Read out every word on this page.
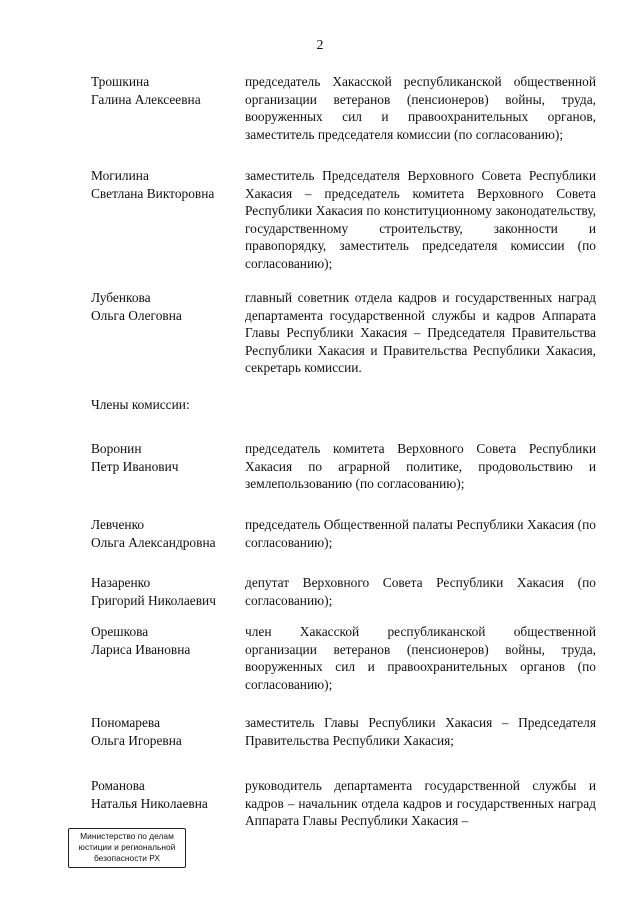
2
Трошкина
Галина Алексеевна
председатель Хакасской республиканской общественной организации ветеранов (пенсионеров) войны, труда, вооруженных сил и правоохранительных органов, заместитель председателя комиссии (по согласованию);
Могилина
Светлана Викторовна
заместитель Председателя Верховного Совета Республики Хакасия – председатель комитета Верховного Совета Республики Хакасия по конституционному законодательству, государственному строительству, законности и правопорядку, заместитель председателя комиссии (по согласованию);
Лубенкова
Ольга Олеговна
главный советник отдела кадров и государственных наград департамента государственной службы и кадров Аппарата Главы Республики Хакасия – Председателя Правительства Республики Хакасия и Правительства Республики Хакасия, секретарь комиссии.
Члены комиссии:
Воронин
Петр Иванович
председатель комитета Верховного Совета Республики Хакасия по аграрной политике, продовольствию и землепользованию (по согласованию);
Левченко
Ольга Александровна
председатель Общественной палаты Республики Хакасия (по согласованию);
Назаренко
Григорий Николаевич
депутат Верховного Совета Республики Хакасия (по согласованию);
Орешкова
Лариса Ивановна
член Хакасской республиканской общественной организации ветеранов (пенсионеров) войны, труда, вооруженных сил и правоохранительных органов (по согласованию);
Пономарева
Ольга Игоревна
заместитель Главы Республики Хакасия – Председателя Правительства Республики Хакасия;
Романова
Наталья Николаевна
руководитель департамента государственной службы и кадров – начальник отдела кадров и государственных наград Аппарата Главы Республики Хакасия –
Министерство по делам
юстиции и региональной
безопасности РХ
